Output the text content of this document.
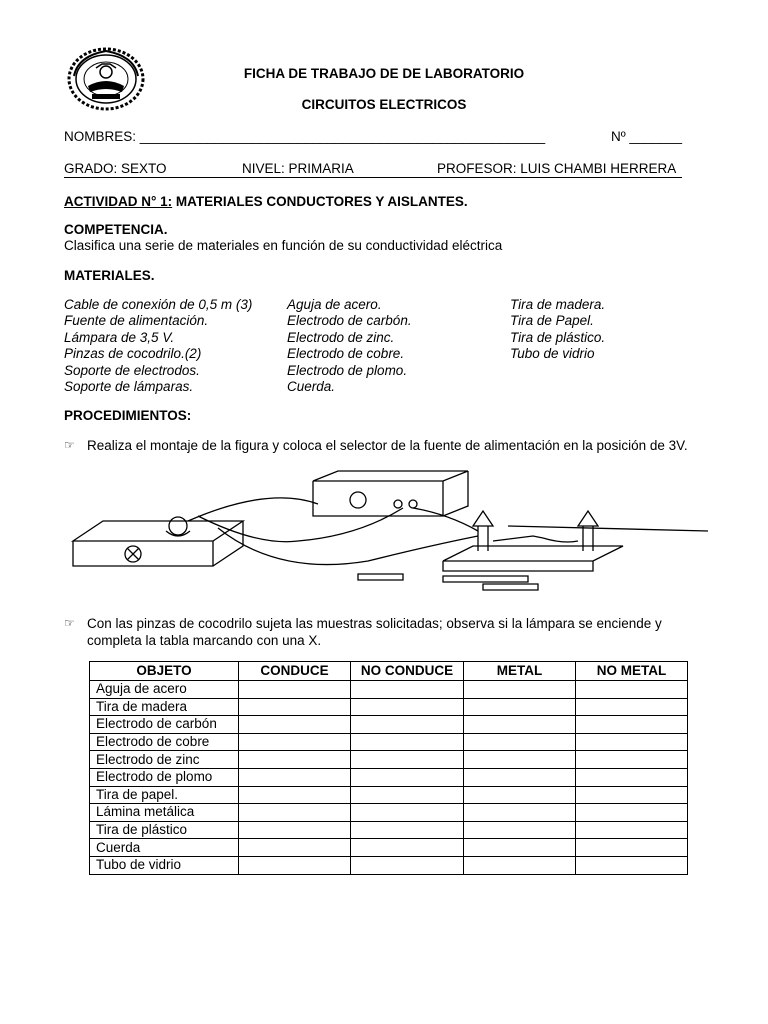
FICHA DE TRABAJO DE DE LABORATORIO
CIRCUITOS ELECTRICOS
NOMBRES: ______________________________________________________	Nº _______
GRADO: SEXTO	NIVEL: PRIMARIA	PROFESOR: LUIS CHAMBI HERRERA
ACTIVIDAD N° 1: MATERIALES CONDUCTORES Y AISLANTES.
COMPETENCIA.
Clasifica una serie de materiales en función de su conductividad eléctrica
MATERIALES.
Cable de conexión de 0,5 m (3)
Fuente de alimentación.
Lámpara de 3,5 V.
Pinzas de cocodrilo.(2)
Soporte de electrodos.
Soporte de lámparas.
Aguja de acero.
Electrodo de carbón.
Electrodo de zinc.
Electrodo de cobre.
Electrodo de plomo.
Cuerda.
Tira de madera.
Tira de Papel.
Tira de plástico.
Tubo de vidrio
PROCEDIMIENTOS:
☞ Realiza el montaje de la figura y coloca el selector de la fuente de alimentación en la posición de 3V.
☞ Con las pinzas de cocodrilo sujeta las muestras solicitadas; observa si la lámpara se enciende y
completa la tabla marcando con una X.
OBJETO	CONDUCE	NO CONDUCE	METAL	NO METAL
Aguja de acero				
Tira de madera				
Electrodo de carbón				
Electrodo de cobre				
Electrodo de zinc				
Electrodo de plomo				
Tira de papel.				
Lámina metálica				
Tira de plástico				
Cuerda				
Tubo de vidrio				
